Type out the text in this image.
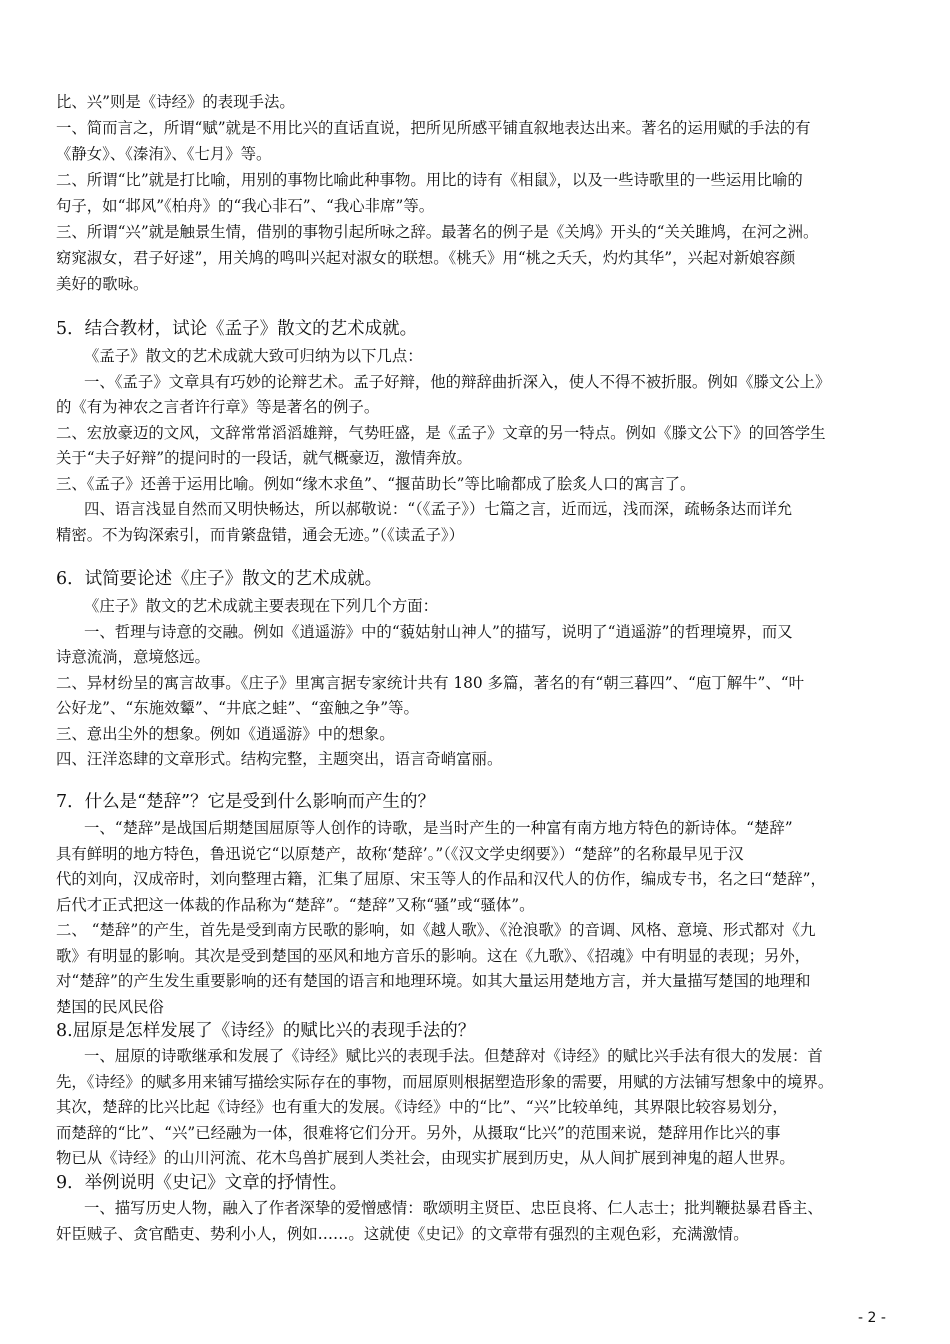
比、兴”则是《诗经》的表现手法。
一、简而言之，所谓“赋”就是不用比兴的直话直说，把所见所感平铺直叙地表达出来。著名的运用赋的手法的有
《静女》、《溱洧》、《七月》等。
二、所谓“比”就是打比喻，用别的事物比喻此种事物。用比的诗有《相鼠》，以及一些诗歌里的一些运用比喻的
句子，如“邶风”《柏舟》的“我心非石”、“我心非席”等。
三、所谓“兴”就是触景生情，借别的事物引起所咏之辞。最著名的例子是《关鸠》开头的“关关雎鸠，在河之洲。
窈窕淑女，君子好逑”，用关鸠的鸣叫兴起对淑女的联想。《桃夭》用“桃之夭夭，灼灼其华”，兴起对新娘容颜
美好的歌咏。
5．结合教材，试论《孟子》散文的艺术成就。
《孟子》散文的艺术成就大致可归纳为以下几点：
一、《孟子》文章具有巧妙的论辩艺术。孟子好辩，他的辩辞曲折深入，使人不得不被折服。例如《滕文公上》
的《有为神农之言者许行章》等是著名的例子。
二、宏放豪迈的文风，文辞常常滔滔雄辩，气势旺盛，是《孟子》文章的另一特点。例如《滕文公下》的回答学生
关于“夫子好辩”的提问时的一段话，就气概豪迈，激情奔放。
三、《孟子》还善于运用比喻。例如“缘木求鱼”、“揠苗助长”等比喻都成了脍炙人口的寓言了。
四、语言浅显自然而又明快畅达，所以郝敬说：“（《孟子》）七篇之言，近而远，浅而深，疏畅条达而详允
精密。不为钩深索引，而肯綮盘错，通会无迹。”（《读孟子》）
6．试简要论述《庄子》散文的艺术成就。
《庄子》散文的艺术成就主要表现在下列几个方面：
一、哲理与诗意的交融。例如《逍遥游》中的“藐姑射山神人”的描写，说明了“逍遥游”的哲理境界，而又
诗意流淌，意境悠远。
二、异材纷呈的寓言故事。《庄子》里寓言据专家统计共有 180 多篇，著名的有“朝三暮四”、“庖丁解牛”、“叶
公好龙”、“东施效颦”、“井底之蛙”、“蛮触之争”等。
三、意出尘外的想象。例如《逍遥游》中的想象。
四、汪洋恣肆的文章形式。结构完整，主题突出，语言奇峭富丽。
7．什么是“楚辞”？它是受到什么影响而产生的？
一、“楚辞”是战国后期楚国屈原等人创作的诗歌，是当时产生的一种富有南方地方特色的新诗体。“楚辞”
具有鲜明的地方特色，鲁迅说它“以原楚产，故称‘楚辞’。”（《汉文学史纲要》）“楚辞”的名称最早见于汉
代的刘向，汉成帝时，刘向整理古籍，汇集了屈原、宋玉等人的作品和汉代人的仿作，编成专书，名之曰“楚辞”，
后代才正式把这一体裁的作品称为“楚辞”。“楚辞”又称“骚”或“骚体”。
二、 “楚辞”的产生，首先是受到南方民歌的影响，如《越人歌》、《沧浪歌》的音调、风格、意境、形式都对《九
歌》有明显的影响。其次是受到楚国的巫风和地方音乐的影响。这在《九歌》、《招魂》中有明显的表现；另外，
对“楚辞”的产生发生重要影响的还有楚国的语言和地理环境。如其大量运用楚地方言，并大量描写楚国的地理和
楚国的民风民俗
8.屈原是怎样发展了《诗经》的赋比兴的表现手法的？
一、屈原的诗歌继承和发展了《诗经》赋比兴的表现手法。但楚辞对《诗经》的赋比兴手法有很大的发展：首
先，《诗经》的赋多用来铺写描绘实际存在的事物，而屈原则根据塑造形象的需要，用赋的方法铺写想象中的境界。
其次，楚辞的比兴比起《诗经》也有重大的发展。《诗经》中的“比”、“兴”比较单纯，其界限比较容易划分，
而楚辞的“比”、“兴”已经融为一体，很难将它们分开。另外，从摄取“比兴”的范围来说，楚辞用作比兴的事
物已从《诗经》的山川河流、花木鸟兽扩展到人类社会，由现实扩展到历史，从人间扩展到神鬼的超人世界。
9．举例说明《史记》文章的抒情性。
一、描写历史人物，融入了作者深挚的爱憎感情：歌颂明主贤臣、忠臣良将、仁人志士；批判鞭挞暴君昏主、
奸臣贼子、贪官酷吏、势利小人，例如……。这就使《史记》的文章带有强烈的主观色彩，充满激情。
- 2 -
